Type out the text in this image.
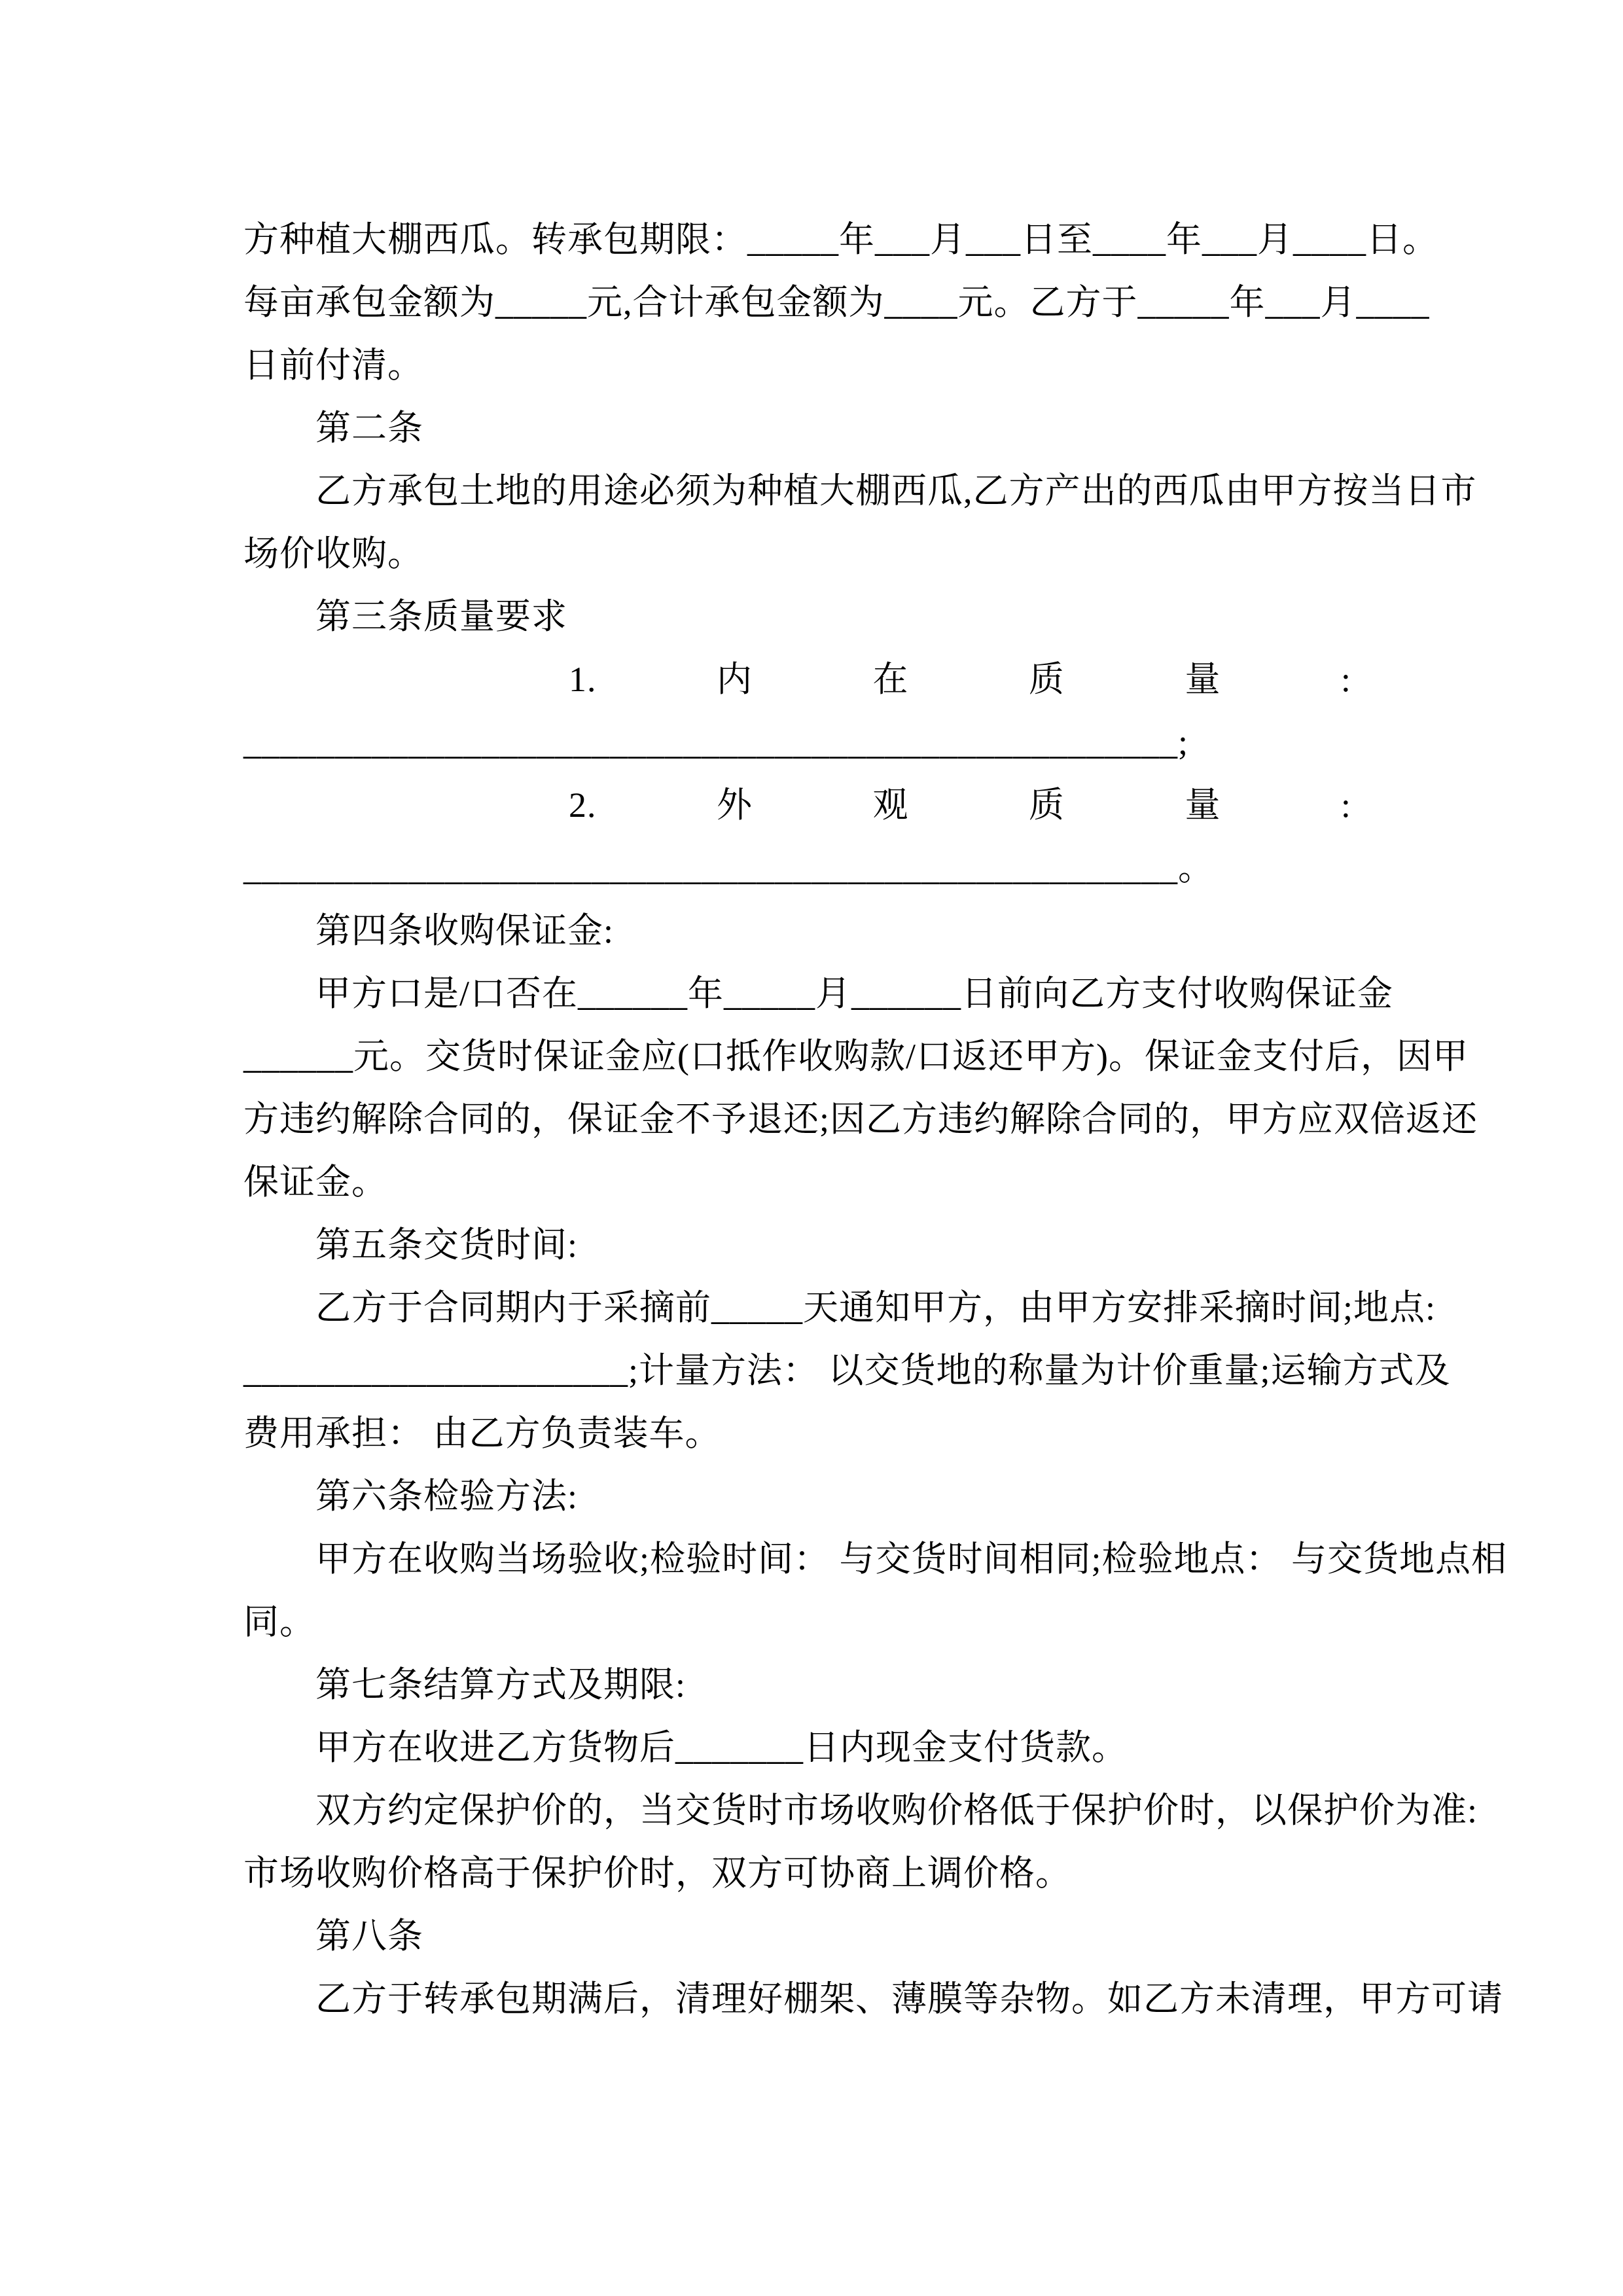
方种植大棚西瓜。转承包期限：_____年___月___日至____年___月____日。
每亩承包金额为_____元,合计承包金额为____元。乙方于_____年___月____
日前付清。
第二条
乙方承包土地的用途必须为种植大棚西瓜,乙方产出的西瓜由甲方按当日市
场价收购。
第三条质量要求
1.	内	在	质	量	:
___________________________________________________;
2.	外	观	质	量	:
___________________________________________________。
第四条收购保证金:
甲方口是/口否在______年_____月______日前向乙方支付收购保证金
______元。交货时保证金应(口抵作收购款/口返还甲方)。保证金支付后，因甲
方违约解除合同的，保证金不予退还;因乙方违约解除合同的，甲方应双倍返还
保证金。
第五条交货时间:
乙方于合同期内于采摘前_____天通知甲方，由甲方安排采摘时间;地点:
_____________________;计量方法： 以交货地的称量为计价重量;运输方式及
费用承担： 由乙方负责装车。
第六条检验方法:
甲方在收购当场验收;检验时间： 与交货时间相同;检验地点： 与交货地点相
同。
第七条结算方式及期限:
甲方在收进乙方货物后_______日内现金支付货款。
双方约定保护价的，当交货时市场收购价格低于保护价时，以保护价为准:
市场收购价格高于保护价时，双方可协商上调价格。
第八条
乙方于转承包期满后，清理好棚架、薄膜等杂物。如乙方未清理，甲方可请
